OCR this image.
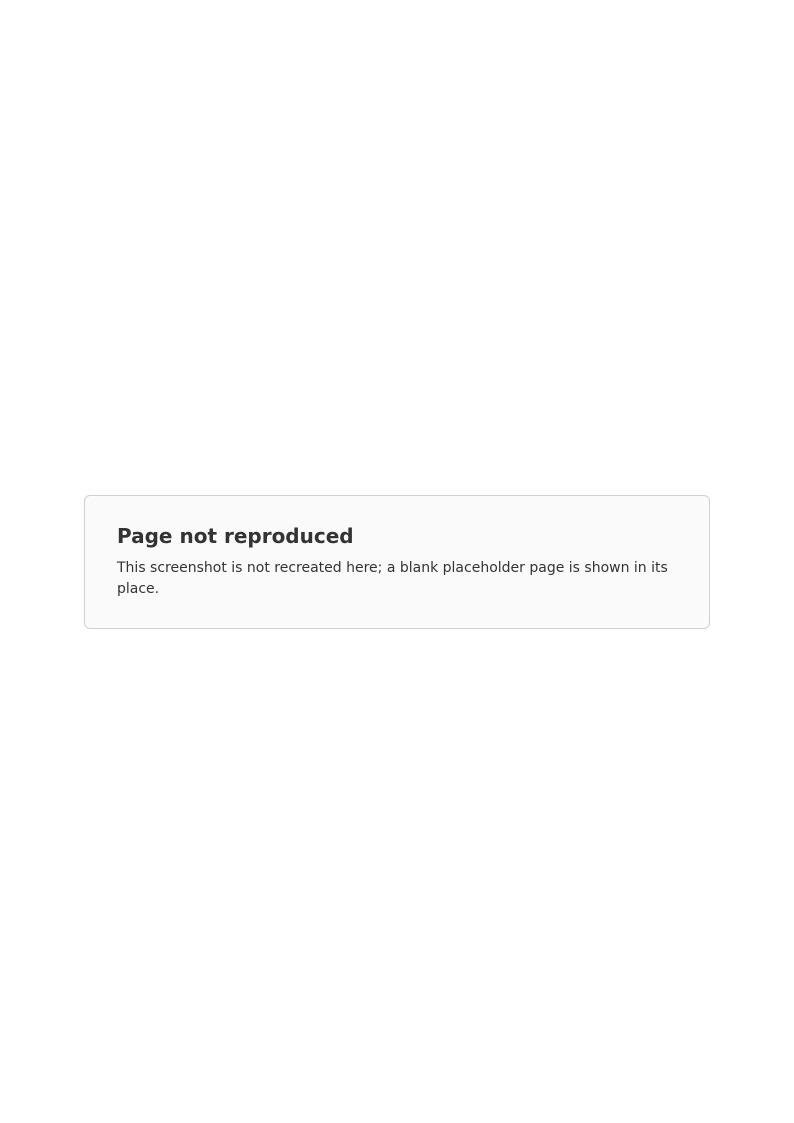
Page not reproduced

This screenshot is not recreated here; a blank placeholder page is shown in its place.
